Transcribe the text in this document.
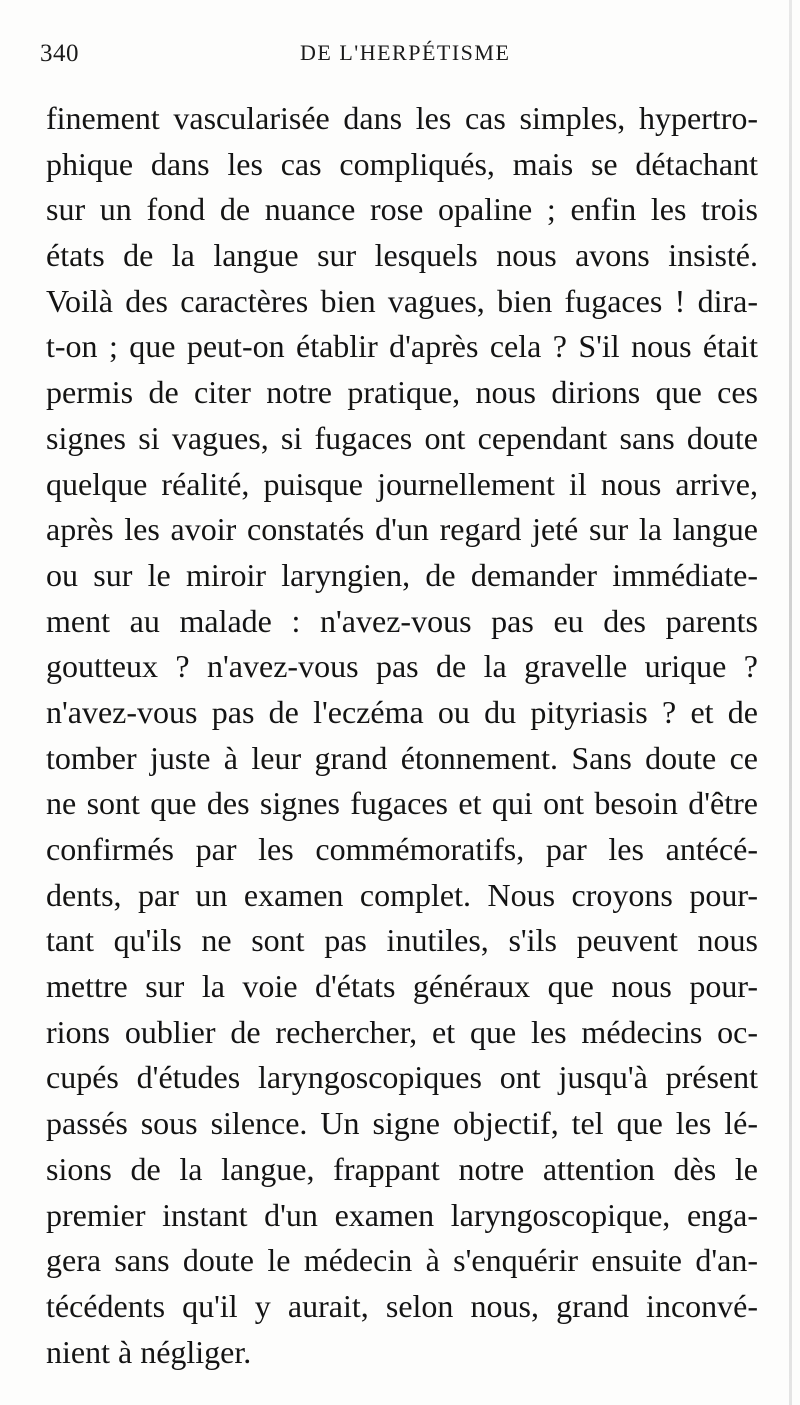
340	DE L'HERPÉTISME
finement vascularisée dans les cas simples, hypertro-
phique dans les cas compliqués, mais se détachant
sur un fond de nuance rose opaline ; enfin les trois
états de la langue sur lesquels nous avons insisté.
Voilà des caractères bien vagues, bien fugaces ! dira-
t-on ; que peut-on établir d'après cela ? S'il nous était
permis de citer notre pratique, nous dirions que ces
signes si vagues, si fugaces ont cependant sans doute
quelque réalité, puisque journellement il nous arrive,
après les avoir constatés d'un regard jeté sur la langue
ou sur le miroir laryngien, de demander immédiate-
ment au malade : n'avez-vous pas eu des parents
goutteux ? n'avez-vous pas de la gravelle urique ?
n'avez-vous pas de l'eczéma ou du pityriasis ? et de
tomber juste à leur grand étonnement. Sans doute ce
ne sont que des signes fugaces et qui ont besoin d'être
confirmés par les commémoratifs, par les antécé-
dents, par un examen complet. Nous croyons pour-
tant qu'ils ne sont pas inutiles, s'ils peuvent nous
mettre sur la voie d'états généraux que nous pour-
rions oublier de rechercher, et que les médecins oc-
cupés d'études laryngoscopiques ont jusqu'à présent
passés sous silence. Un signe objectif, tel que les lé-
sions de la langue, frappant notre attention dès le
premier instant d'un examen laryngoscopique, enga-
gera sans doute le médecin à s'enquérir ensuite d'an-
técédents qu'il y aurait, selon nous, grand inconvé-
nient à négliger.
